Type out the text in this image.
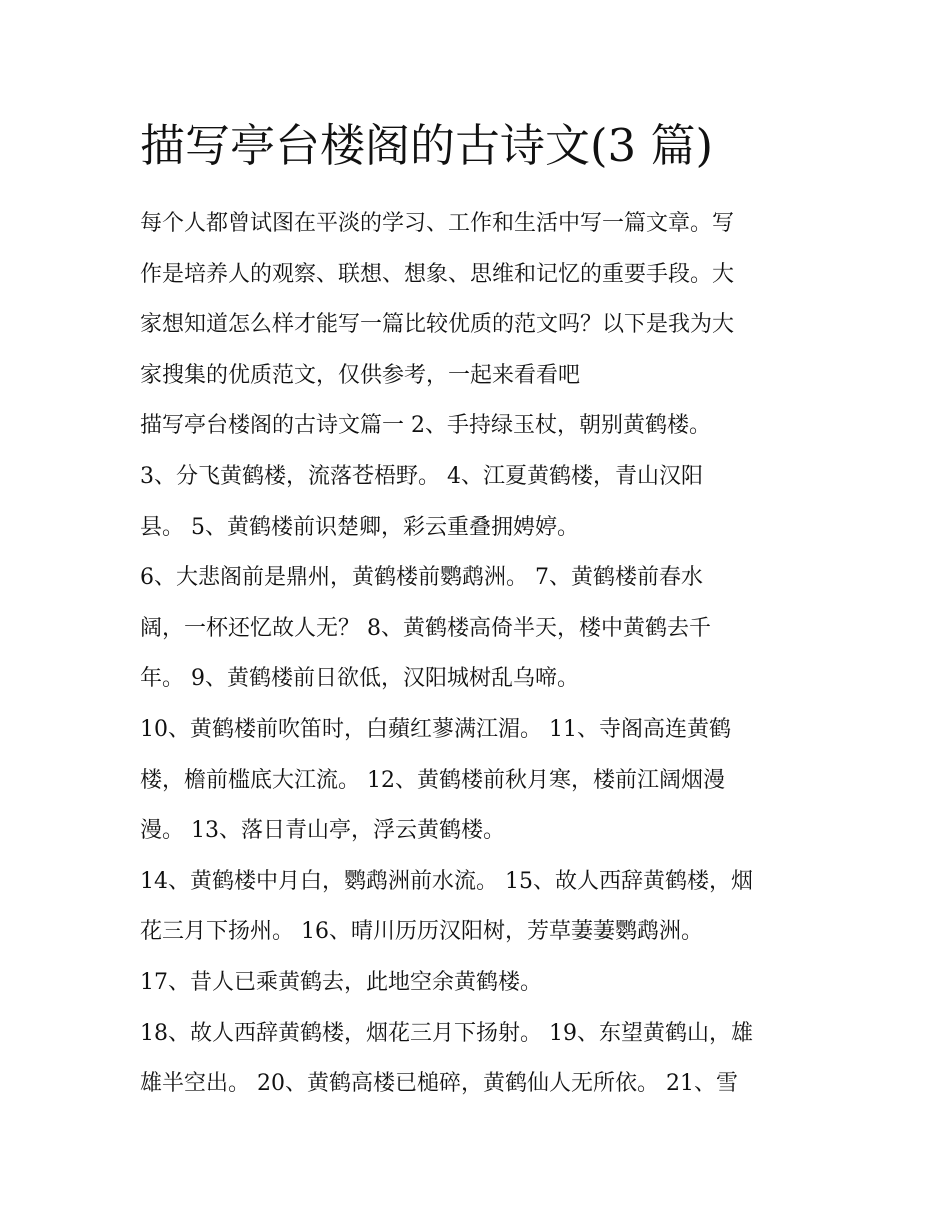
描写亭台楼阁的古诗文(3 篇)

每个人都曾试图在平淡的学习、工作和生活中写一篇文章。写
作是培养人的观察、联想、想象、思维和记忆的重要手段。大
家想知道怎么样才能写一篇比较优质的范文吗？以下是我为大
家搜集的优质范文，仅供参考，一起来看看吧

描写亭台楼阁的古诗文篇一 2、手持绿玉杖，朝别黄鹤楼。

3、分飞黄鹤楼，流落苍梧野。 4、江夏黄鹤楼，青山汉阳
县。 5、黄鹤楼前识楚卿，彩云重叠拥娉婷。

6、大悲阁前是鼎州，黄鹤楼前鹦鹉洲。 7、黄鹤楼前春水
阔，一杯还忆故人无？ 8、黄鹤楼高倚半天，楼中黄鹤去千
年。 9、黄鹤楼前日欲低，汉阳城树乱乌啼。

10、黄鹤楼前吹笛时，白蘋红蓼满江湄。 11、寺阁高连黄鹤
楼，檐前槛底大江流。 12、黄鹤楼前秋月寒，楼前江阔烟漫
漫。 13、落日青山亭，浮云黄鹤楼。

14、黄鹤楼中月白，鹦鹉洲前水流。 15、故人西辞黄鹤楼，烟
花三月下扬州。 16、晴川历历汉阳树，芳草萋萋鹦鹉洲。

17、昔人已乘黄鹤去，此地空余黄鹤楼。

18、故人西辞黄鹤楼，烟花三月下扬射。 19、东望黄鹤山，雄
雄半空出。 20、黄鹤高楼已槌碎，黄鹤仙人无所依。 21、雪
